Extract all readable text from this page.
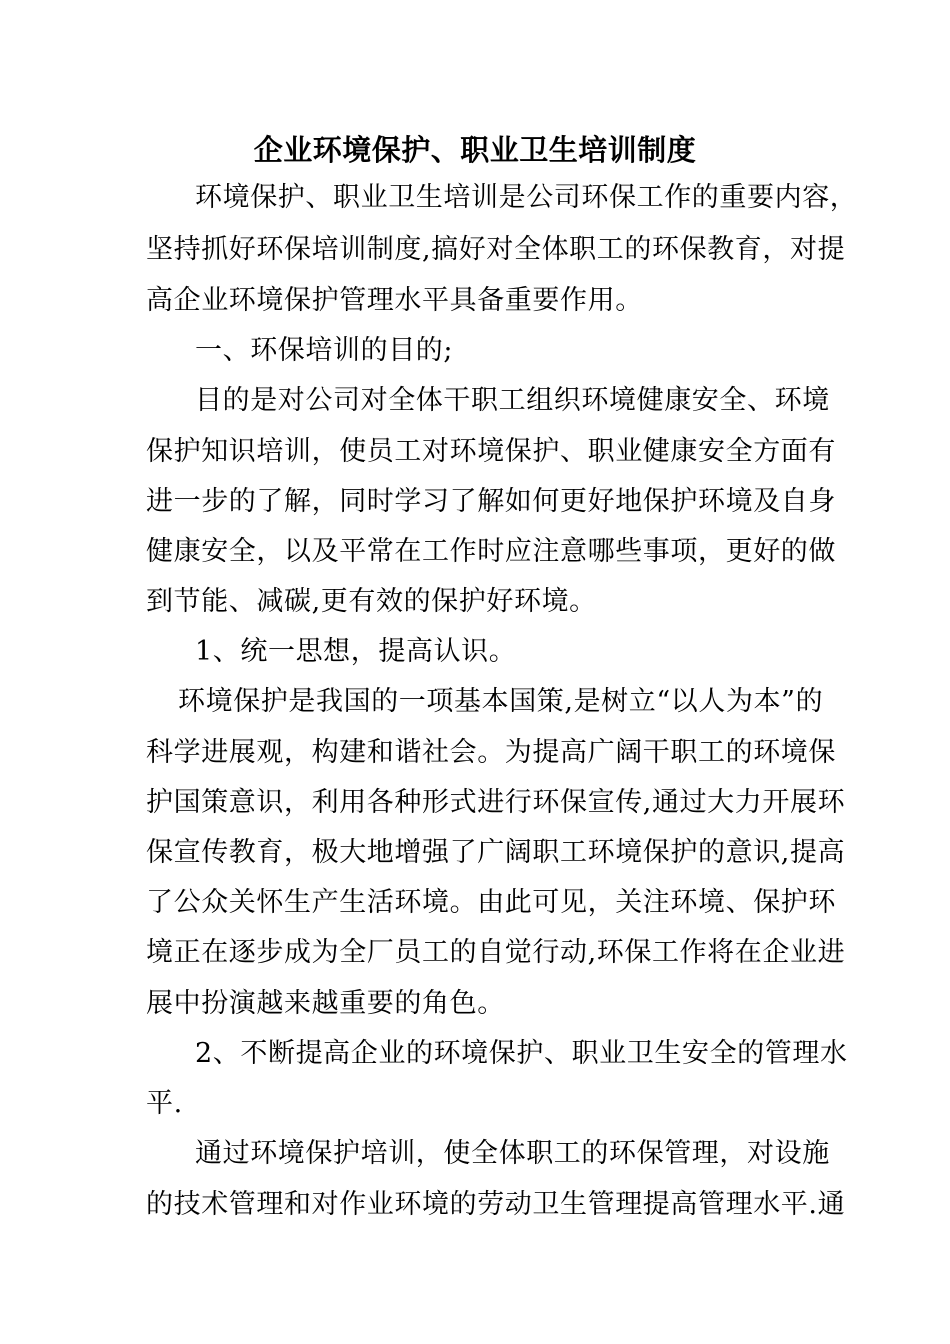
企业环境保护、职业卫生培训制度
环境保护、职业卫生培训是公司环保工作的重要内容，
坚持抓好环保培训制度,搞好对全体职工的环保教育，对提
高企业环境保护管理水平具备重要作用。
一、环保培训的目的;
目的是对公司对全体干职工组织环境健康安全、环境
保护知识培训，使员工对环境保护、职业健康安全方面有
进一步的了解，同时学习了解如何更好地保护环境及自身
健康安全，以及平常在工作时应注意哪些事项，更好的做
到节能、减碳,更有效的保护好环境。
1、统一思想，提高认识。
环境保护是我国的一项基本国策,是树立“以人为本”的
科学进展观，构建和谐社会。为提高广阔干职工的环境保
护国策意识，利用各种形式进行环保宣传,通过大力开展环
保宣传教育，极大地增强了广阔职工环境保护的意识,提高
了公众关怀生产生活环境。由此可见，关注环境、保护环
境正在逐步成为全厂员工的自觉行动,环保工作将在企业进
展中扮演越来越重要的角色。
2、不断提高企业的环境保护、职业卫生安全的管理水
平.
通过环境保护培训，使全体职工的环保管理，对设施
的技术管理和对作业环境的劳动卫生管理提高管理水平.通
